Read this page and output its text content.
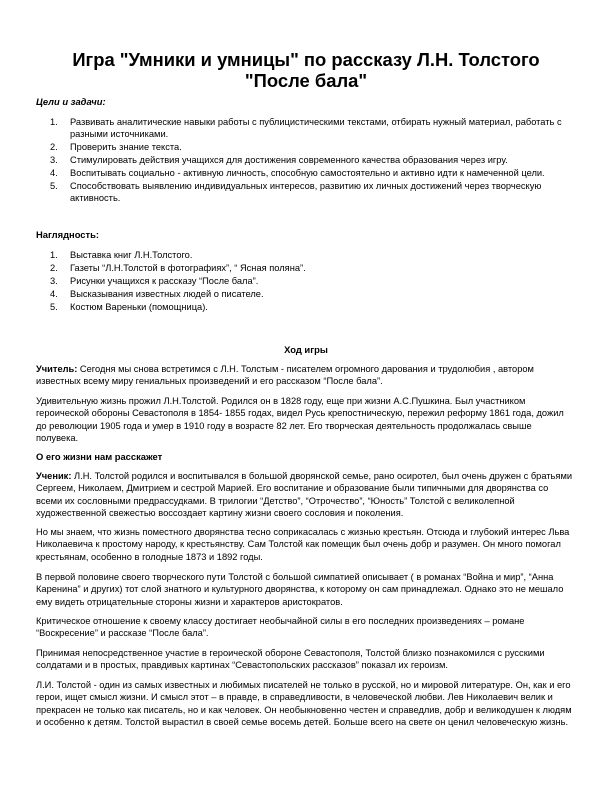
Игра "Умники и умницы" по рассказу Л.Н. Толстого
"После бала"
Цели и задачи:
1. Развивать аналитические навыки работы с публицистическими текстами, отбирать нужный материал, работать с разными источниками.
2. Проверить знание текста.
3. Стимулировать действия учащихся для достижения современного качества образования через игру.
4. Воспитывать социально - активную личность, способную самостоятельно и активно идти к намеченной цели.
5. Способствовать выявлению индивидуальных интересов, развитию их личных достижений через творческую активность.
Наглядность:
1. Выставка книг Л.Н.Толстого.
2. Газеты “Л.Н.Толстой в фотографиях”, “ Ясная поляна”.
3. Рисунки учащихся к рассказу “После бала”.
4. Высказывания известных людей о писателе.
5. Костюм Вареньки (помощница).
Ход игры
Учитель: Сегодня мы снова встретимся с Л.Н. Толстым - писателем огромного дарования и трудолюбия , автором известных всему миру гениальных произведений и его рассказом “После бала”.
Удивительную жизнь прожил Л.Н.Толстой. Родился он в 1828 году, еще при жизни А.С.Пушкина. Был участником героической обороны Севастополя в 1854- 1855 годах, видел Русь крепостническую, пережил реформу 1861 года, дожил до революции 1905 года и умер в 1910 году в возрасте 82 лет. Его творческая деятельность продолжалась свыше полувека.
О его жизни нам расскажет
Ученик: Л.Н. Толстой родился и воспитывался в большой дворянской семье, рано осиротел, был очень дружен с братьями Сергеем, Николаем, Дмитрием и сестрой Марией. Его воспитание и образование были типичными для дворянства со всеми их сословными предрассудками. В трилогии “Детство”, “Отрочество”, “Юность” Толстой с великолепной художественной свежестью воссоздает картину жизни своего сословия и поколения.
Но мы знаем, что жизнь поместного дворянства тесно соприкасалась с жизнью крестьян. Отсюда и глубокий интерес Льва Николаевича к простому народу, к крестьянству. Сам Толстой как помещик был очень добр и разумен. Он много помогал крестьянам, особенно в голодные 1873 и 1892 годы.
В первой половине своего творческого пути Толстой с большой симпатией описывает ( в романах “Война и мир”, “Анна Каренина” и других) тот слой знатного и культурного дворянства, к которому он сам принадлежал. Однако это не мешало ему видеть отрицательные стороны жизни и характеров аристократов.
Критическое отношение к своему классу достигает необычайной силы в его последних произведениях – романе “Воскресение” и рассказе “После бала”.
Принимая непосредственное участие в героической обороне Севастополя, Толстой близко познакомился с русскими солдатами и в простых, правдивых картинах “Севастопольских рассказов” показал их героизм.
Л.И. Толстой - один из самых известных и любимых писателей не только в русской, но и мировой литературе. Он, как и его герои, ищет смысл жизни. И смысл этот – в правде, в справедливости, в человеческой любви. Лев Николаевич велик и прекрасен не только как писатель, но и как человек. Он необыкновенно честен и справедлив, добр и великодушен к людям и особенно к детям. Толстой вырастил в своей семье восемь детей. Больше всего на свете он ценил человеческую жизнь.
